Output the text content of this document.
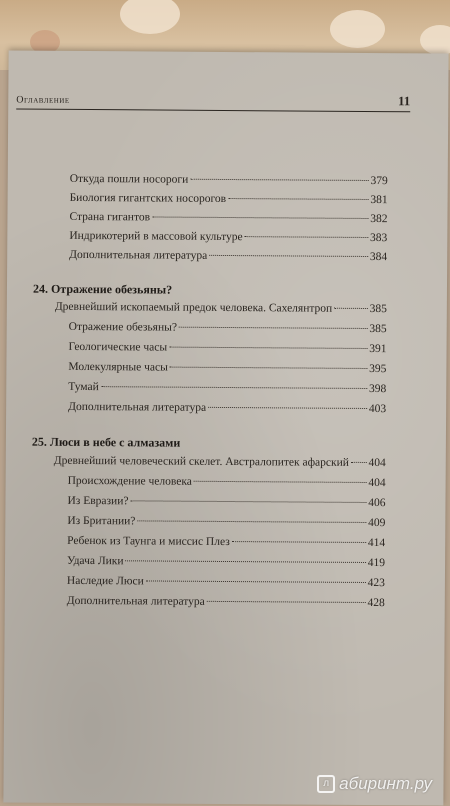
Оглавление	11
Откуда пошли носороги	379
Биология гигантских носорогов	381
Страна гигантов	382
Индрикотерий в массовой культуре	383
Дополнительная литература	384
24. Отражение обезьяны?
Древнейший ископаемый предок человека. Сахелянтроп	385
Отражение обезьяны?	385
Геологические часы	391
Молекулярные часы	395
Тумай	398
Дополнительная литература	403
25. Люси в небе с алмазами
Древнейший человеческий скелет. Австралопитек афарский 404
Происхождение человека	404
Из Евразии?	406
Из Британии?	409
Ребенок из Таунга и миссис Плез	414
Удача Лики	419
Наследие Люси	423
Дополнительная литература	428
л абиринт.ру
